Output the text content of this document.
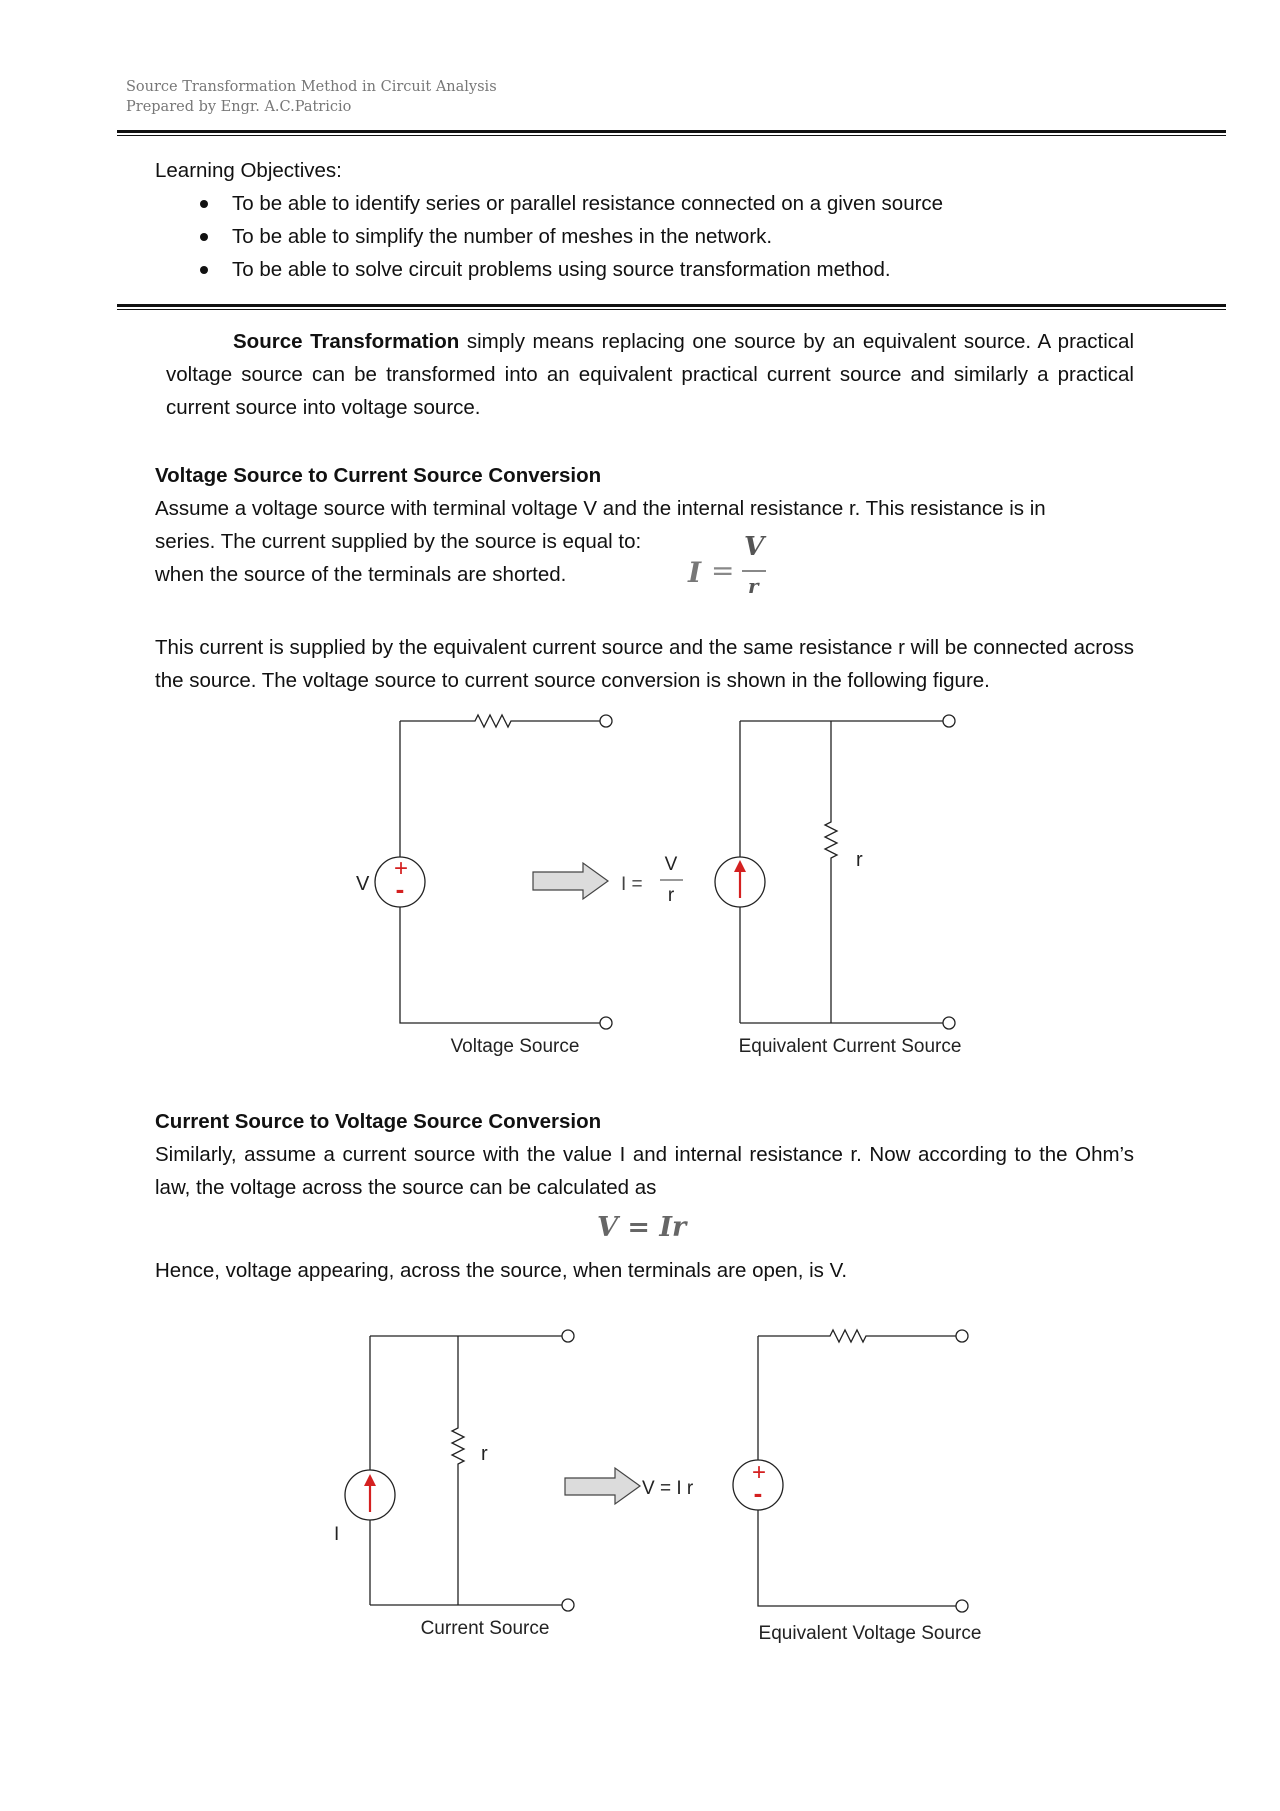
Source Transformation Method in Circuit Analysis
Prepared by Engr. A.C.Patricio
Learning Objectives:
To be able to identify series or parallel resistance connected on a given source
To be able to simplify the number of meshes in the network.
To be able to solve circuit problems using source transformation method.
Source Transformation simply means replacing one source by an equivalent source. A practical voltage source can be transformed into an equivalent practical current source and similarly a practical current source into voltage source.
Voltage Source to Current Source Conversion
Assume a voltage source with terminal voltage V and the internal resistance r. This resistance is in
series. The current supplied by the source is equal to:
when the source of the terminals are shorted.	I =
V
r
This current is supplied by the equivalent current source and the same resistance r will be connected across the source. The voltage source to current source conversion is shown in the following figure.
+
-
V	I =
V
r
r
Voltage Source	Equivalent Current Source
Current Source to Voltage Source Conversion
Similarly, assume a current source with the value I and internal resistance r. Now according to the Ohm’s law, the voltage across the source can be calculated as
V = Ir
Hence, voltage appearing, across the source, when terminals are open, is V.
I
r
V = I r
+
-
Current Source	Equivalent Voltage Source
